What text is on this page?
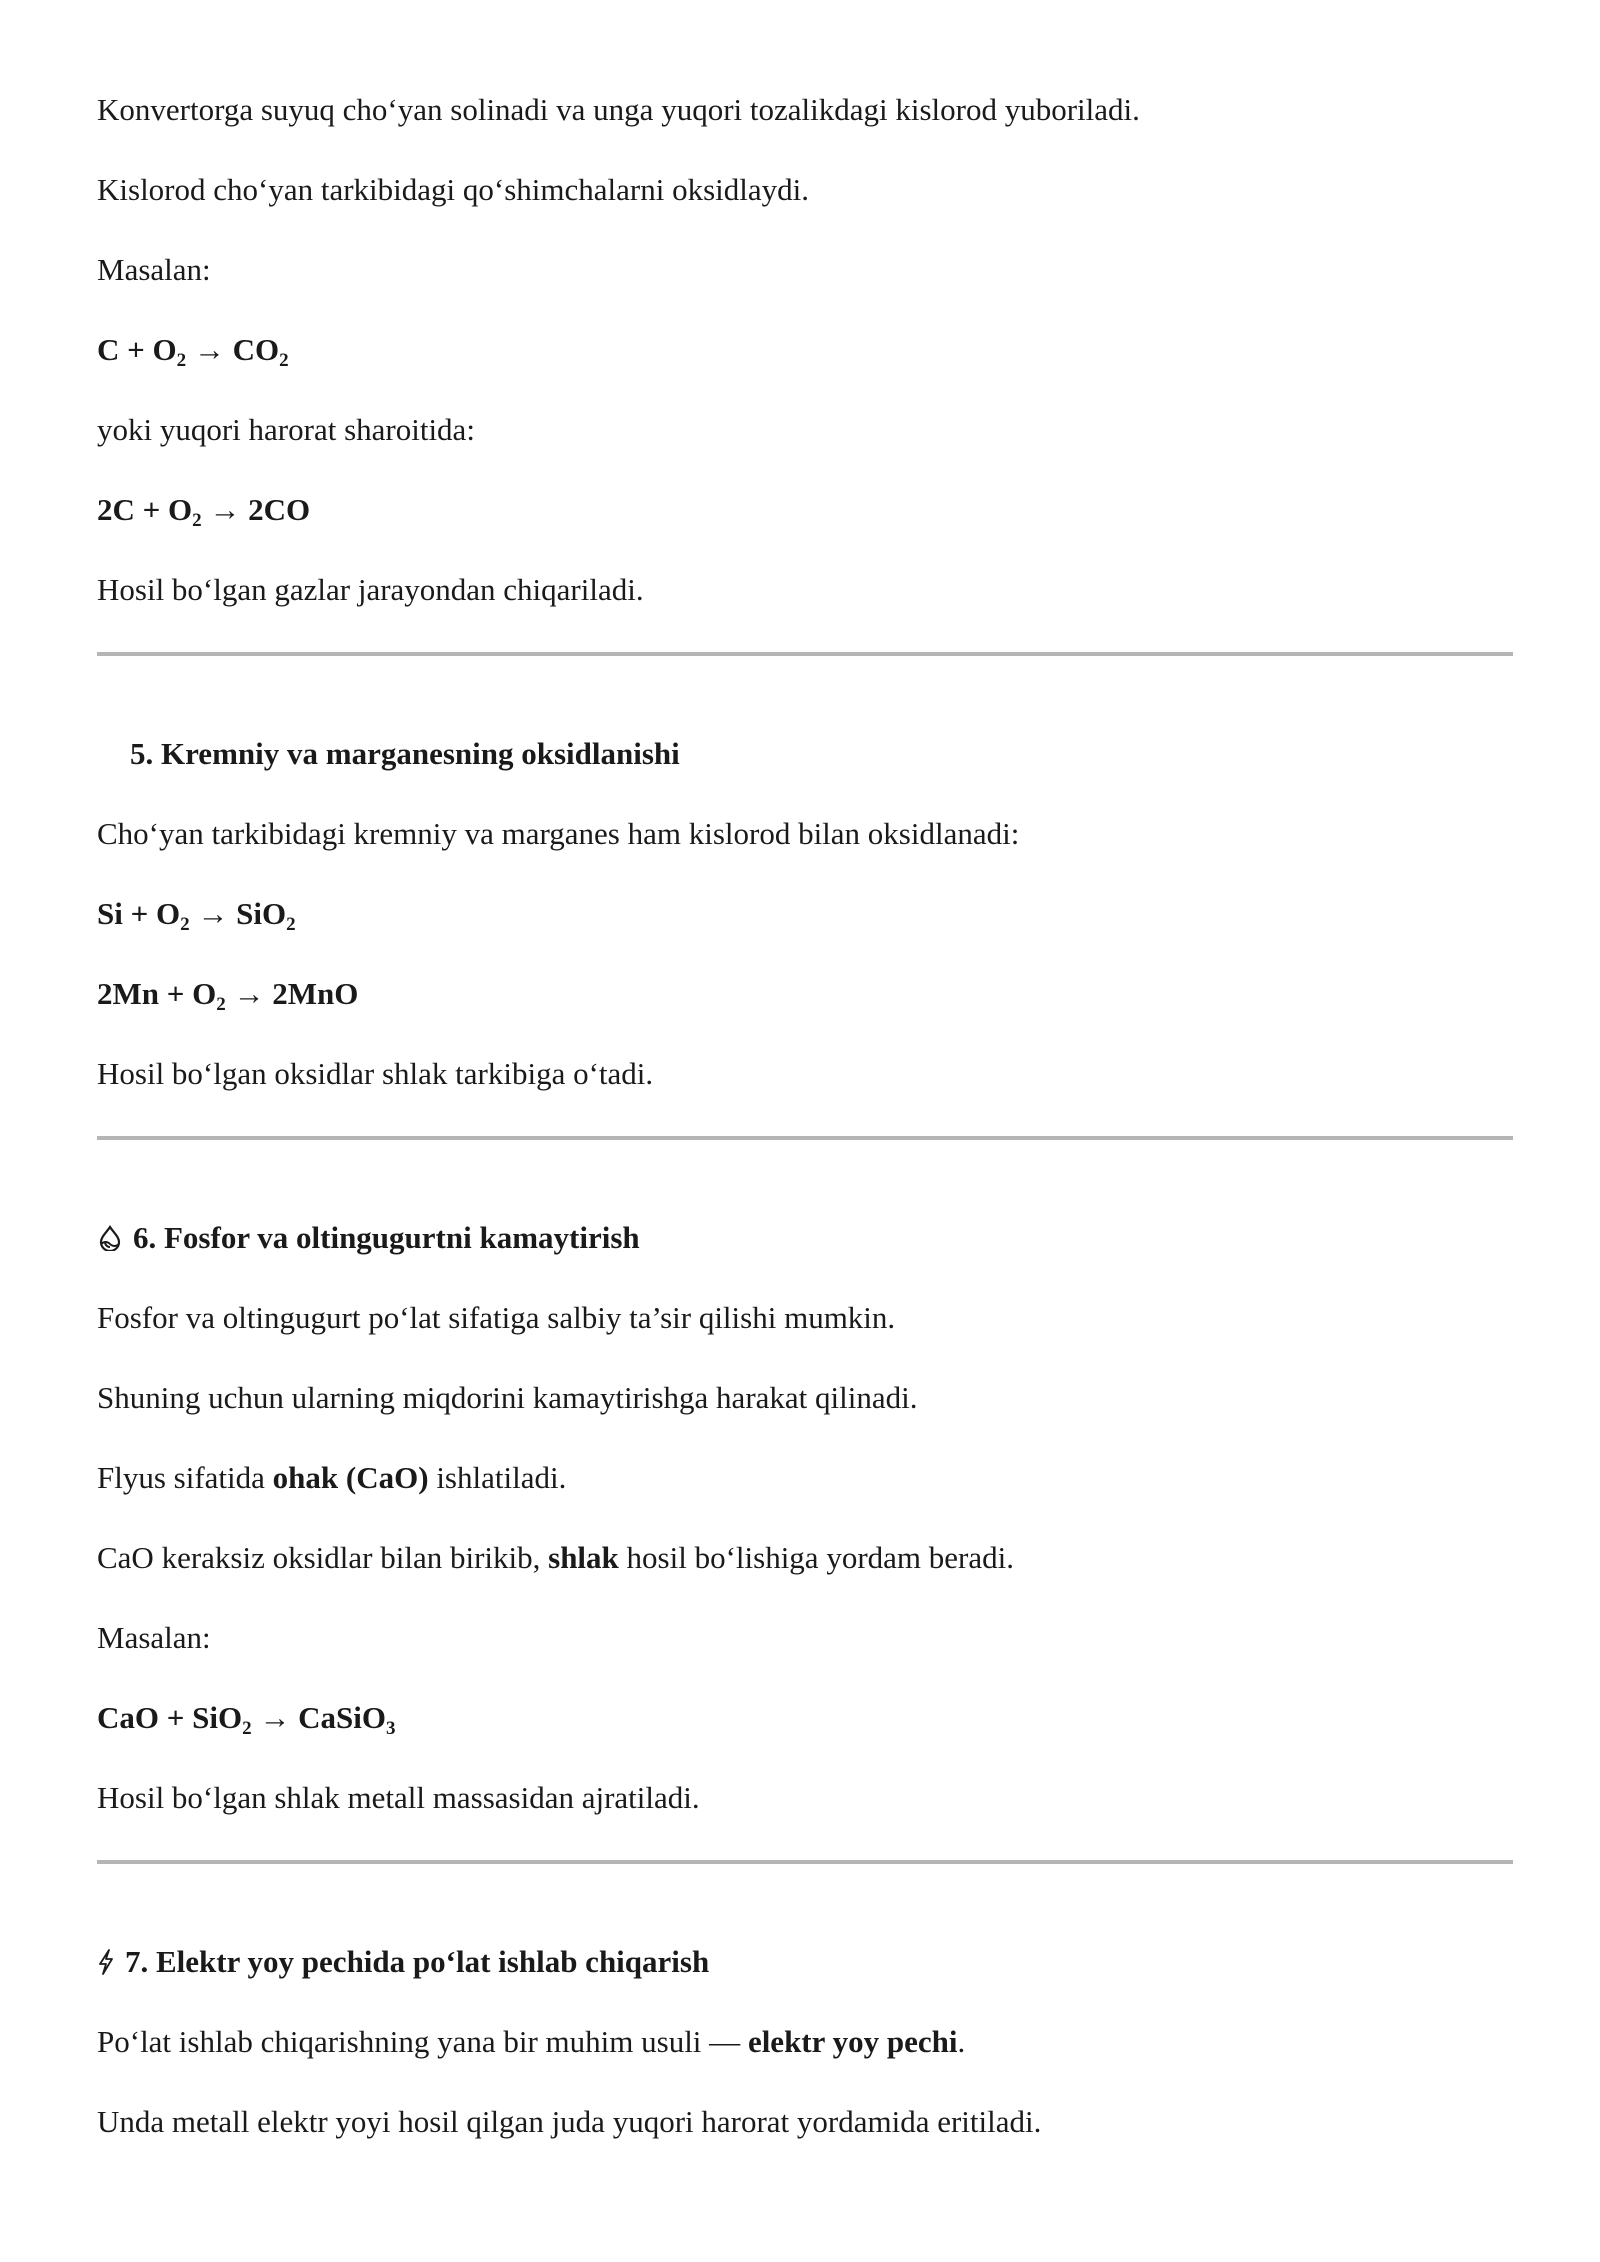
Konvertorga suyuq cho‘yan solinadi va unga yuqori tozalikdagi kislorod yuboriladi.

Kislorod cho‘yan tarkibidagi qo‘shimchalarni oksidlaydi.

Masalan:

$C + O_2 \to CO_2$

yoki yuqori harorat sharoitida:

$2C + O_2 \to 2CO$

Hosil bo‘lgan gazlar jarayondan chiqariladi.

5. Kremniy va marganesning oksidlanishi

Cho‘yan tarkibidagi kremniy va marganes ham kislorod bilan oksidlanadi:

$Si + O_2 \to SiO_2$

$2Mn + O_2 \to 2MnO$

Hosil bo‘lgan oksidlar shlak tarkibiga o‘tadi.

6. Fosfor va oltingugurtni kamaytirish

Fosfor va oltingugurt po‘lat sifatiga salbiy ta’sir qilishi mumkin.

Shuning uchun ularning miqdorini kamaytirishga harakat qilinadi.

Flyus sifatida ohak (CaO) ishlatiladi.

CaO keraksiz oksidlar bilan birikib, shlak hosil bo‘lishiga yordam beradi.

Masalan:

CaO + SiO$_2$ → CaSiO$_3$

Hosil bo‘lgan shlak metall massasidan ajratiladi.

7. Elektr yoy pechida po‘lat ishlab chiqarish

Po‘lat ishlab chiqarishning yana bir muhim usuli — elektr yoy pechi.

Unda metall elektr yoyi hosil qilgan juda yuqori harorat yordamida eritiladi.
